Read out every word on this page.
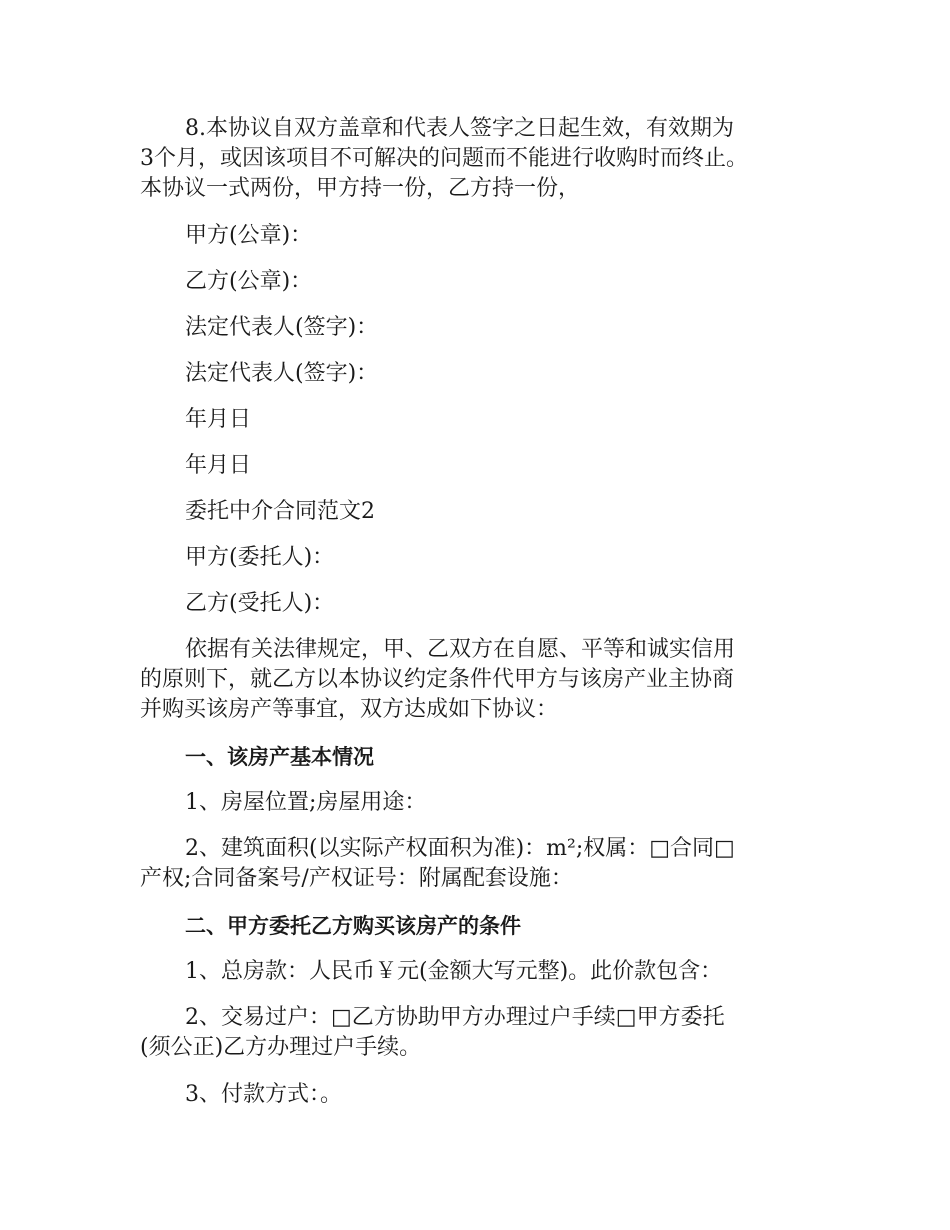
8.本协议自双方盖章和代表人签字之日起生效，有效期为
3个月，或因该项目不可解决的问题而不能进行收购时而终止。
本协议一式两份，甲方持一份，乙方持一份，

甲方(公章)：

乙方(公章)：

法定代表人(签字)：

法定代表人(签字)：

年月日

年月日

委托中介合同范文2

甲方(委托人)：

乙方(受托人)：

依据有关法律规定，甲、乙双方在自愿、平等和诚实信用
的原则下，就乙方以本协议约定条件代甲方与该房产业主协商
并购买该房产等事宜，双方达成如下协议：

一、该房产基本情况

1、房屋位置;房屋用途：

2、建筑面积(以实际产权面积为准)：m²;权属：□合同□
产权;合同备案号/产权证号：附属配套设施：

二、甲方委托乙方购买该房产的条件

1、总房款：人民币￥元(金额大写元整)。此价款包含：

2、交易过户：□乙方协助甲方办理过户手续□甲方委托
(须公正)乙方办理过户手续。

3、付款方式：。
